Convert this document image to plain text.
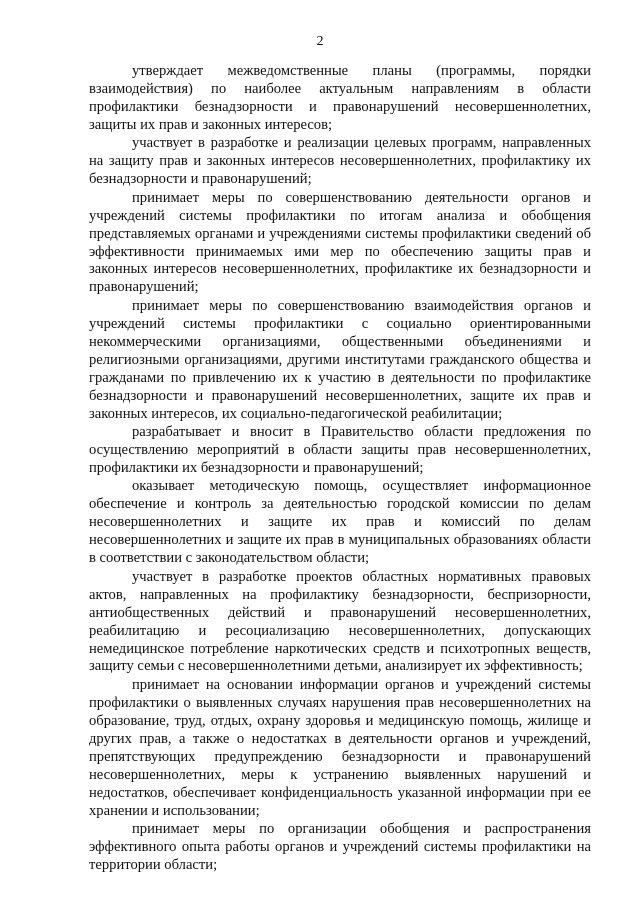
2

утверждает межведомственные планы (программы, порядки взаимодействия) по наиболее актуальным направлениям в области профилактики безнадзорности и правонарушений несовершеннолетних, защиты их прав и законных интересов;

участвует в разработке и реализации целевых программ, направленных на защиту прав и законных интересов несовершеннолетних, профилактику их безнадзорности и правонарушений;

принимает меры по совершенствованию деятельности органов и учреждений системы профилактики по итогам анализа и обобщения представляемых органами и учреждениями системы профилактики сведений об эффективности принимаемых ими мер по обеспечению защиты прав и законных интересов несовершеннолетних, профилактике их безнадзорности и правонарушений;

принимает меры по совершенствованию взаимодействия органов и учреждений системы профилактики с социально ориентированными некоммерческими организациями, общественными объединениями и религиозными организациями, другими институтами гражданского общества и гражданами по привлечению их к участию в деятельности по профилактике безнадзорности и правонарушений несовершеннолетних, защите их прав и законных интересов, их социально-педагогической реабилитации;

разрабатывает и вносит в Правительство области предложения по осуществлению мероприятий в области защиты прав несовершеннолетних, профилактики их безнадзорности и правонарушений;

оказывает методическую помощь, осуществляет информационное обеспечение и контроль за деятельностью городской комиссии по делам несовершеннолетних и защите их прав и комиссий по делам несовершеннолетних и защите их прав в муниципальных образованиях области в соответствии с законодательством области;

участвует в разработке проектов областных нормативных правовых актов, направленных на профилактику безнадзорности, беспризорности, антиобщественных действий и правонарушений несовершеннолетних, реабилитацию и ресоциализацию несовершеннолетних, допускающих немедицинское потребление наркотических средств и психотропных веществ, защиту семьи с несовершеннолетними детьми, анализирует их эффективность;

принимает на основании информации органов и учреждений системы профилактики о выявленных случаях нарушения прав несовершеннолетних на образование, труд, отдых, охрану здоровья и медицинскую помощь, жилище и других прав, а также о недостатках в деятельности органов и учреждений, препятствующих предупреждению безнадзорности и правонарушений несовершеннолетних, меры к устранению выявленных нарушений и недостатков, обеспечивает конфиденциальность указанной информации при ее хранении и использовании;

принимает меры по организации обобщения и распространения эффективного опыта работы органов и учреждений системы профилактики на территории области;
